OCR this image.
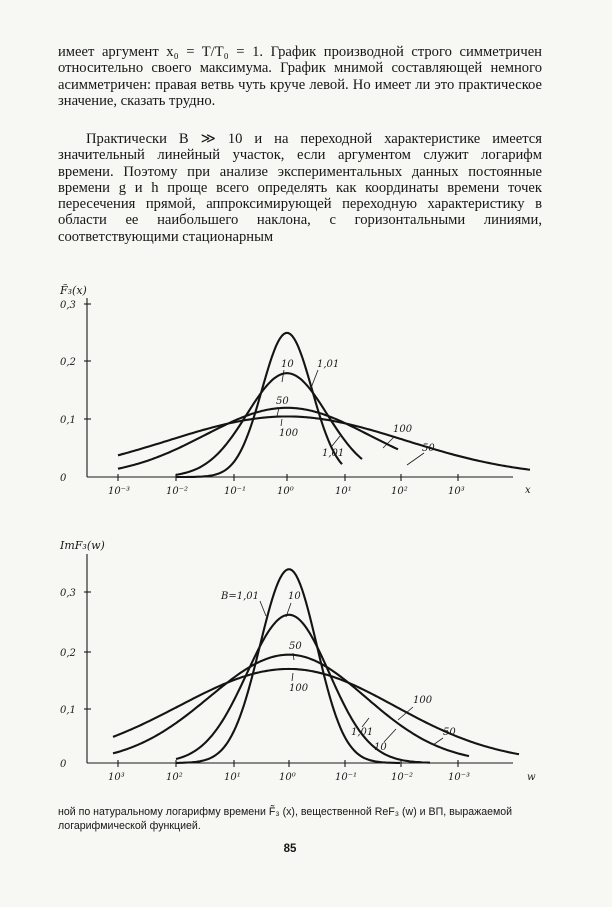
имеет аргумент x₀ = T/T₀ = 1. График производной строго симметричен относительно своего максимума. График мнимой составляющей немного асимметричен: правая ветвь чуть круче левой. Но имеет ли это практическое значение, сказать трудно.

Практически B ≫ 10 и на переходной характеристике имеется значительный линейный участок, если аргументом служит логарифм времени. Поэтому при анализе экспериментальных данных постоянные времени g и h проще всего определять как координаты времени точек пересечения прямой, аппроксимирующей переходную характеристику в области ее наибольшего наклона, с горизонтальными линиями, соответствующими стационарным

F̃₃(x)
0
0,1
0,2
0,3
10⁻³	10⁻²	10⁻¹	10⁰	10¹	10²	10³
10 1,01
50
100	100
1,01	50
x
ImF₃(w)
0
0,1
0,2
0,3
10³	10²	10¹	10⁰	10⁻¹	10⁻²	10⁻³
B=1,01	10
50
100
100
1,01
10
50
w

ной по натуральному логарифму времени F̃₃ (x), вещественной ReF₃ (w) и ВП, выражаемой логарифмической функцией.

85
